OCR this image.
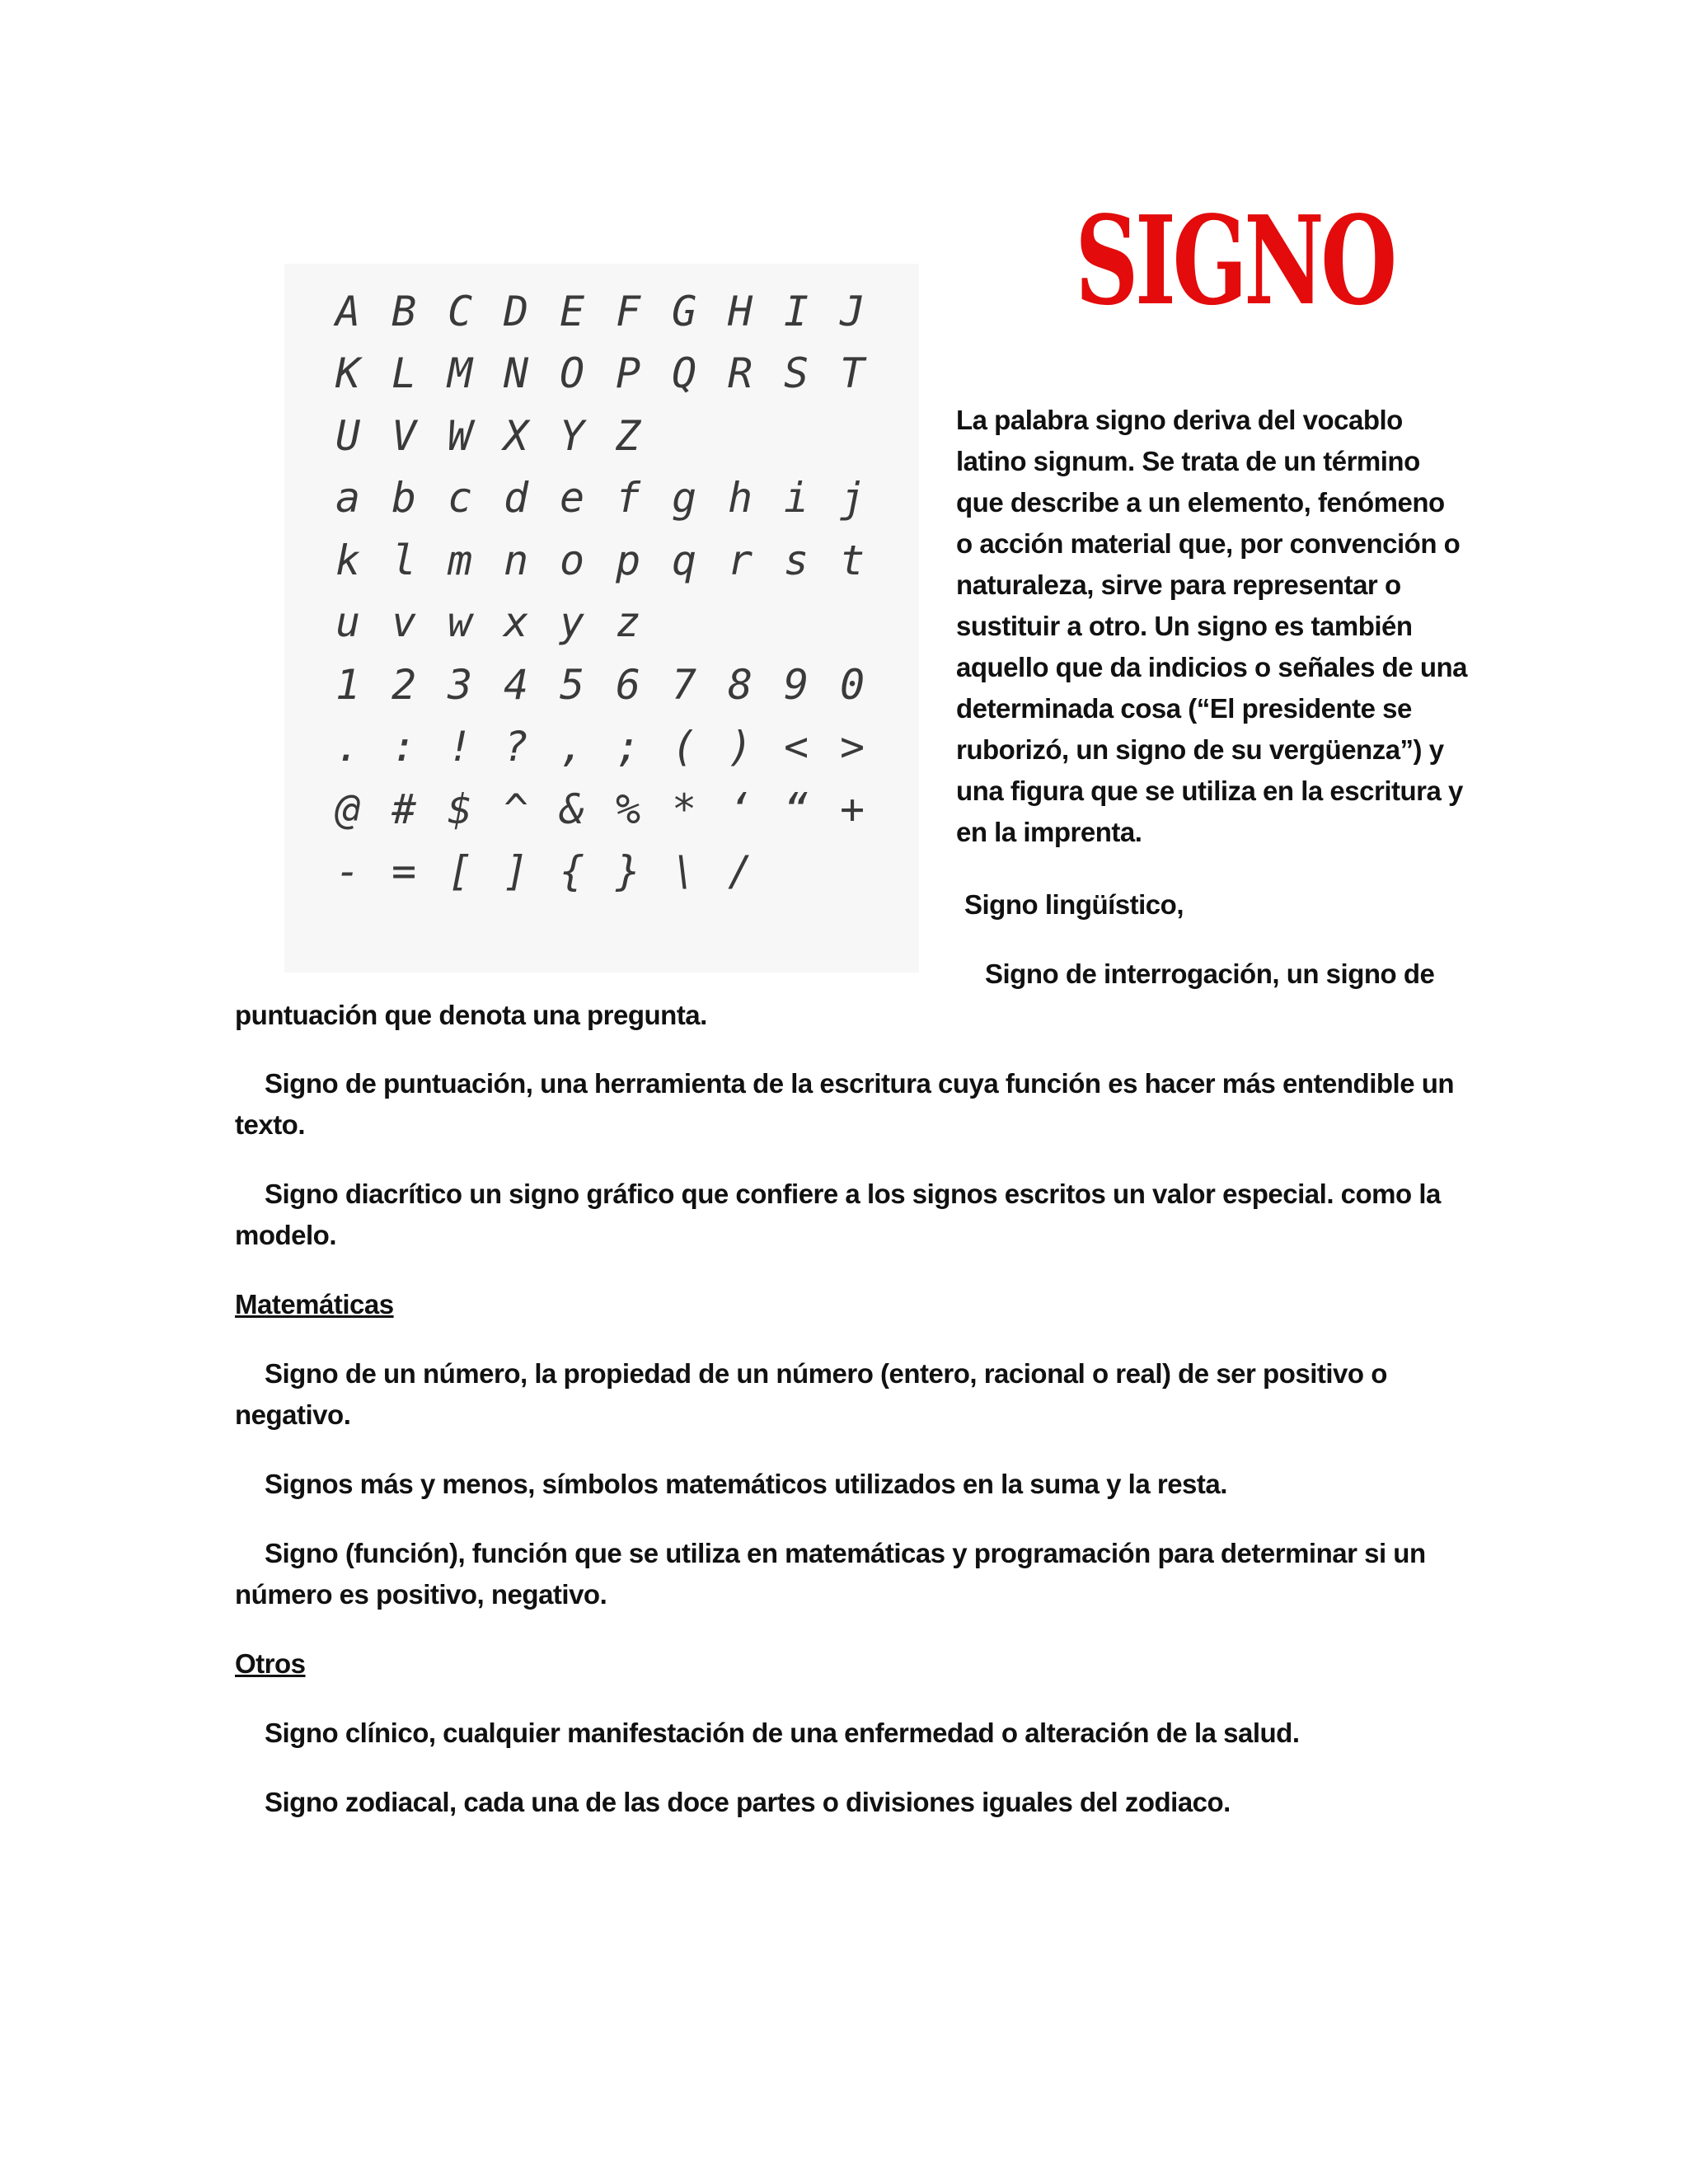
A B C D E F G H I J
K L M N O P Q R S T
U V W X Y Z
a b c d e f g h i j
k l m n o p q r s t
u v w x y z
1 2 3 4 5 6 7 8 9 0
. : ! ? , ; ( ) < >
@ # $ ^ & % * ‘ “ +
- = [ ] { } \ /
SIGNO

La palabra signo deriva del vocablo latino signum. Se trata de un término que describe a un elemento, fenómeno o acción material que, por convención o naturaleza, sirve para representar o sustituir a otro. Un signo es también aquello que da indicios o señales de una determinada cosa (“El presidente se ruborizó, un signo de su vergüenza”) y una figura que se utiliza en la escritura y en la imprenta.

Signo lingüístico,
Signo de interrogación, un signo de
puntuación que denota una pregunta.

Signo de puntuación, una herramienta de la escritura cuya función es hacer más entendible un texto.

Signo diacrítico un signo gráfico que confiere a los signos escritos un valor especial. como la modelo.

Matemáticas

Signo de un número, la propiedad de un número (entero, racional o real) de ser positivo o negativo.

Signos más y menos, símbolos matemáticos utilizados en la suma y la resta.

Signo (función), función que se utiliza en matemáticas y programación para determinar si un número es positivo, negativo.

Otros

Signo clínico, cualquier manifestación de una enfermedad o alteración de la salud.

Signo zodiacal, cada una de las doce partes o divisiones iguales del zodiaco.
